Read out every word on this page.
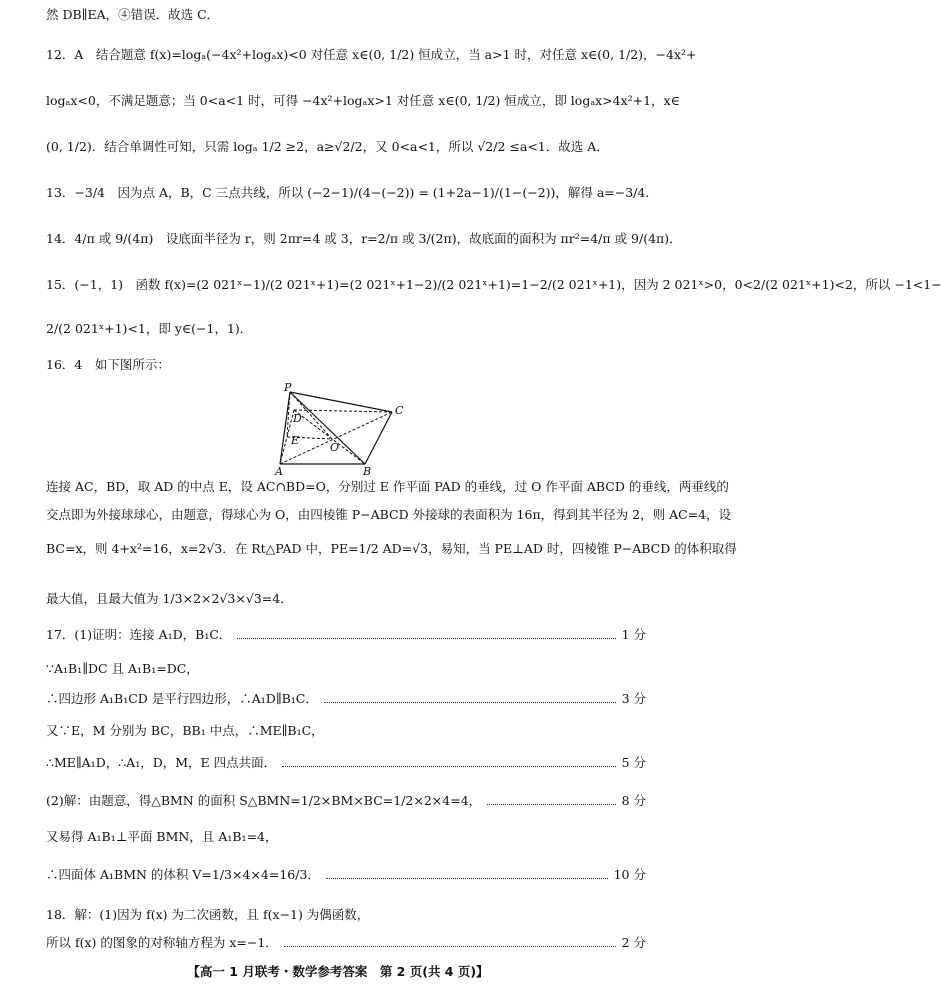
然 DB∥EA，④错误．故选 C．
12．A　结合题意 f(x)=logₐ(−4x²+logₐx)<0 对任意 x∈(0, 1/2) 恒成立，当 a>1 时，对任意 x∈(0, 1/2)，−4x²+
logₐx<0，不满足题意；当 0<a<1 时，可得 −4x²+logₐx>1 对任意 x∈(0, 1/2) 恒成立，即 logₐx>4x²+1，x∈
(0, 1/2)．结合单调性可知，只需 logₐ 1/2 ≥2，a≥√2/2，又 0<a<1，所以 √2/2 ≤a<1．故选 A．
13．−3/4　因为点 A，B，C 三点共线，所以 (−2−1)/(4−(−2)) = (1+2a−1)/(1−(−2))，解得 a=−3/4．
14．4/π 或 9/(4π)　设底面半径为 r，则 2πr=4 或 3，r=2/π 或 3/(2π)，故底面的面积为 πr²=4/π 或 9/(4π)．
15．(−1，1)　函数 f(x)=(2 021ˣ−1)/(2 021ˣ+1)=(2 021ˣ+1−2)/(2 021ˣ+1)=1−2/(2 021ˣ+1)，因为 2 021ˣ>0，0<2/(2 021ˣ+1)<2，所以 −1<1−
2/(2 021ˣ+1)<1，即 y∈(−1，1)．
16．4　如下图所示：
P
C
D
E
O
A	B
连接 AC，BD，取 AD 的中点 E，设 AC∩BD=O，分别过 E 作平面 PAD 的垂线，过 O 作平面 ABCD 的垂线，两垂线的
交点即为外接球球心，由题意，得球心为 O，由四棱锥 P−ABCD 外接球的表面积为 16π，得到其半径为 2，则 AC=4，设
BC=x，则 4+x²=16，x=2√3．在 Rt△PAD 中，PE=1/2 AD=√3，易知，当 PE⊥AD 时，四棱锥 P−ABCD 的体积取得
最大值，且最大值为 1/3×2×2√3×√3=4．
17．(1)证明：连接 A₁D，B₁C．	1 分
∵A₁B₁∥DC 且 A₁B₁=DC，
∴四边形 A₁B₁CD 是平行四边形，∴A₁D∥B₁C．	3 分
又∵E，M 分别为 BC，BB₁ 中点，∴ME∥B₁C，
∴ME∥A₁D，∴A₁，D，M，E 四点共面．	5 分
(2)解：由题意，得△BMN 的面积 S△BMN=1/2×BM×BC=1/2×2×4=4，	8 分
又易得 A₁B₁⊥平面 BMN，且 A₁B₁=4，
∴四面体 A₁BMN 的体积 V=1/3×4×4=16/3．	10 分
18．解：(1)因为 f(x) 为二次函数，且 f(x−1) 为偶函数，
所以 f(x) 的图象的对称轴方程为 x=−1．	2 分
【高一 1 月联考・数学参考答案　第 2 页(共 4 页)】
